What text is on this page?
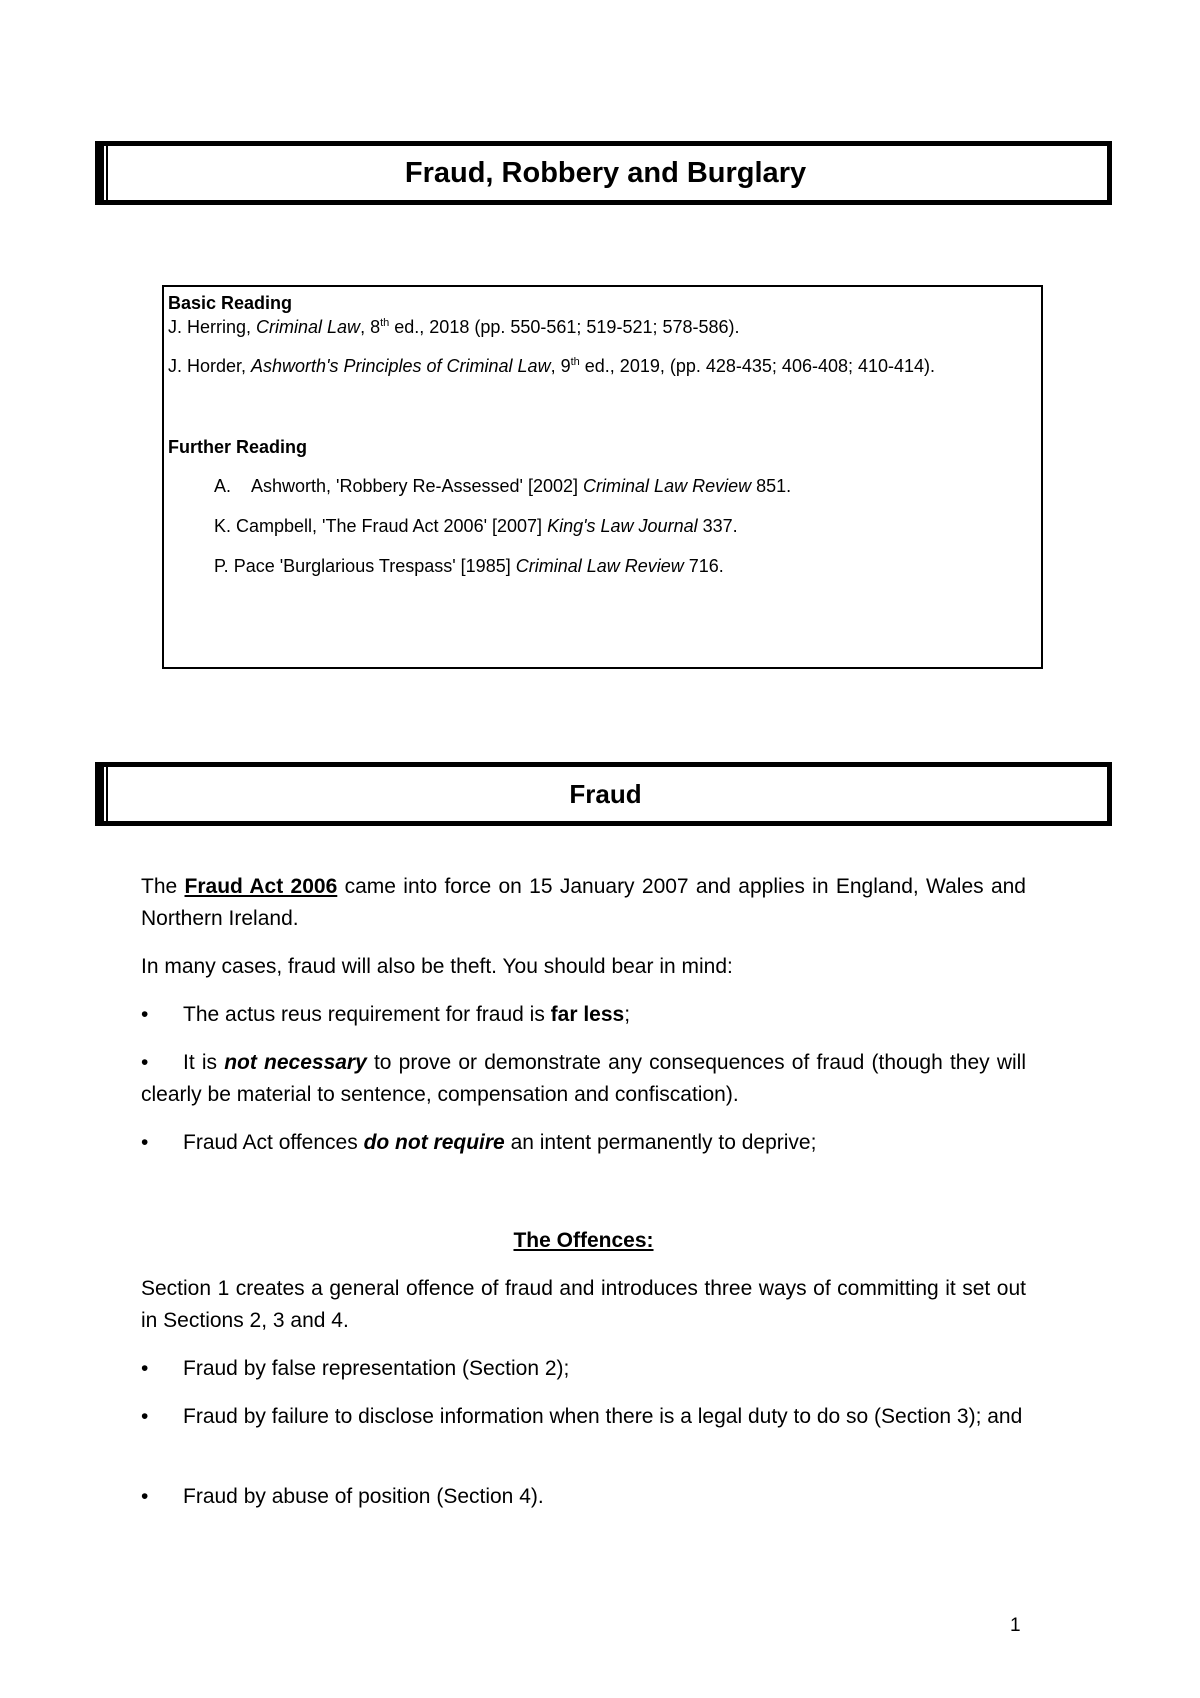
Fraud, Robbery and Burglary

Basic Reading

J. Herring, Criminal Law, 8th ed., 2018 (pp. 550-561; 519-521; 578-586).

J. Horder, Ashworth's Principles of Criminal Law, 9th ed., 2019, (pp. 428-435; 406-408; 410-414).

Further Reading

A. Ashworth, 'Robbery Re-Assessed' [2002] Criminal Law Review 851.

K. Campbell, 'The Fraud Act 2006' [2007] King's Law Journal 337.

P. Pace 'Burglarious Trespass' [1985] Criminal Law Review 716.

Fraud

The Fraud Act 2006 came into force on 15 January 2007 and applies in England, Wales and Northern Ireland.

In many cases, fraud will also be theft. You should bear in mind:

•	The actus reus requirement for fraud is far less;

• It is not necessary to prove or demonstrate any consequences of fraud (though they will clearly be material to sentence, compensation and confiscation).

•	Fraud Act offences do not require an intent permanently to deprive;

The Offences:

Section 1 creates a general offence of fraud and introduces three ways of committing it set out in Sections 2, 3 and 4.

•	Fraud by false representation (Section 2);

• Fraud by failure to disclose information when there is a legal duty to do so (Section 3); and

•	Fraud by abuse of position (Section 4).

1
